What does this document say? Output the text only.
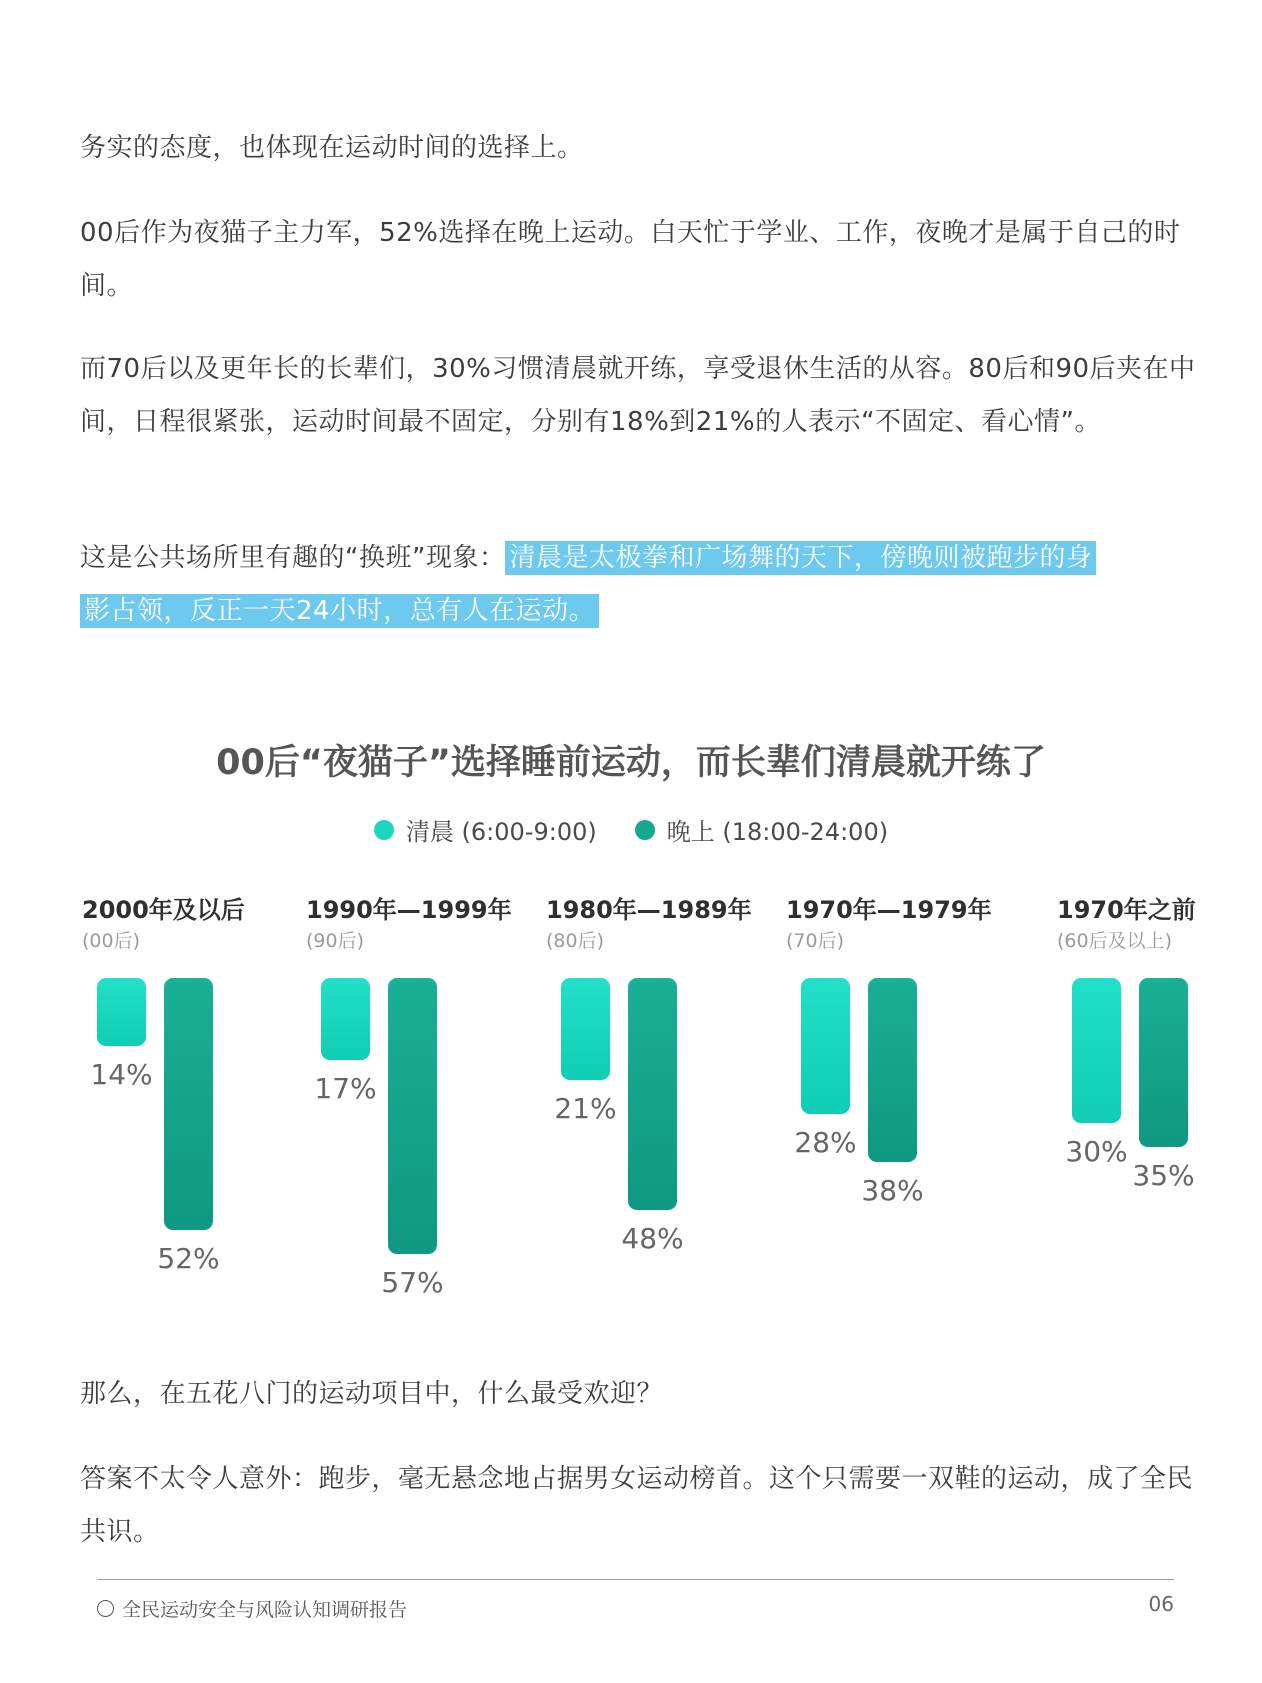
务实的态度，也体现在运动时间的选择上。

00后作为夜猫子主力军，52%选择在晚上运动。白天忙于学业、工作，夜晚才是属于自己的时间。

而70后以及更年长的长辈们，30%习惯清晨就开练，享受退休生活的从容。80后和90后夹在中间，日程很紧张，运动时间最不固定，分别有18%到21%的人表示“不固定、看心情”。

这是公共场所里有趣的“换班”现象： 清晨是太极拳和广场舞的天下，傍晚则被跑步的身
影占领，反正一天24小时，总有人在运动。

00后“夜猫子”选择睡前运动，而长辈们清晨就开练了
清晨 (6:00-9:00)	晚上 (18:00-24:00)
2000年及以后
(00后)
14%
52%
1990年—1999年
(90后)
17%
57%
1980年—1989年
(80后)
21%
48%
1970年—1979年
(70后)
28%
38%
1970年之前
(60后及以上)
30%
35%

那么，在五花八门的运动项目中，什么最受欢迎？

答案不太令人意外：跑步，毫无悬念地占据男女运动榜首。这个只需要一双鞋的运动，成了全民共识。

全民运动安全与风险认知调研报告	06
